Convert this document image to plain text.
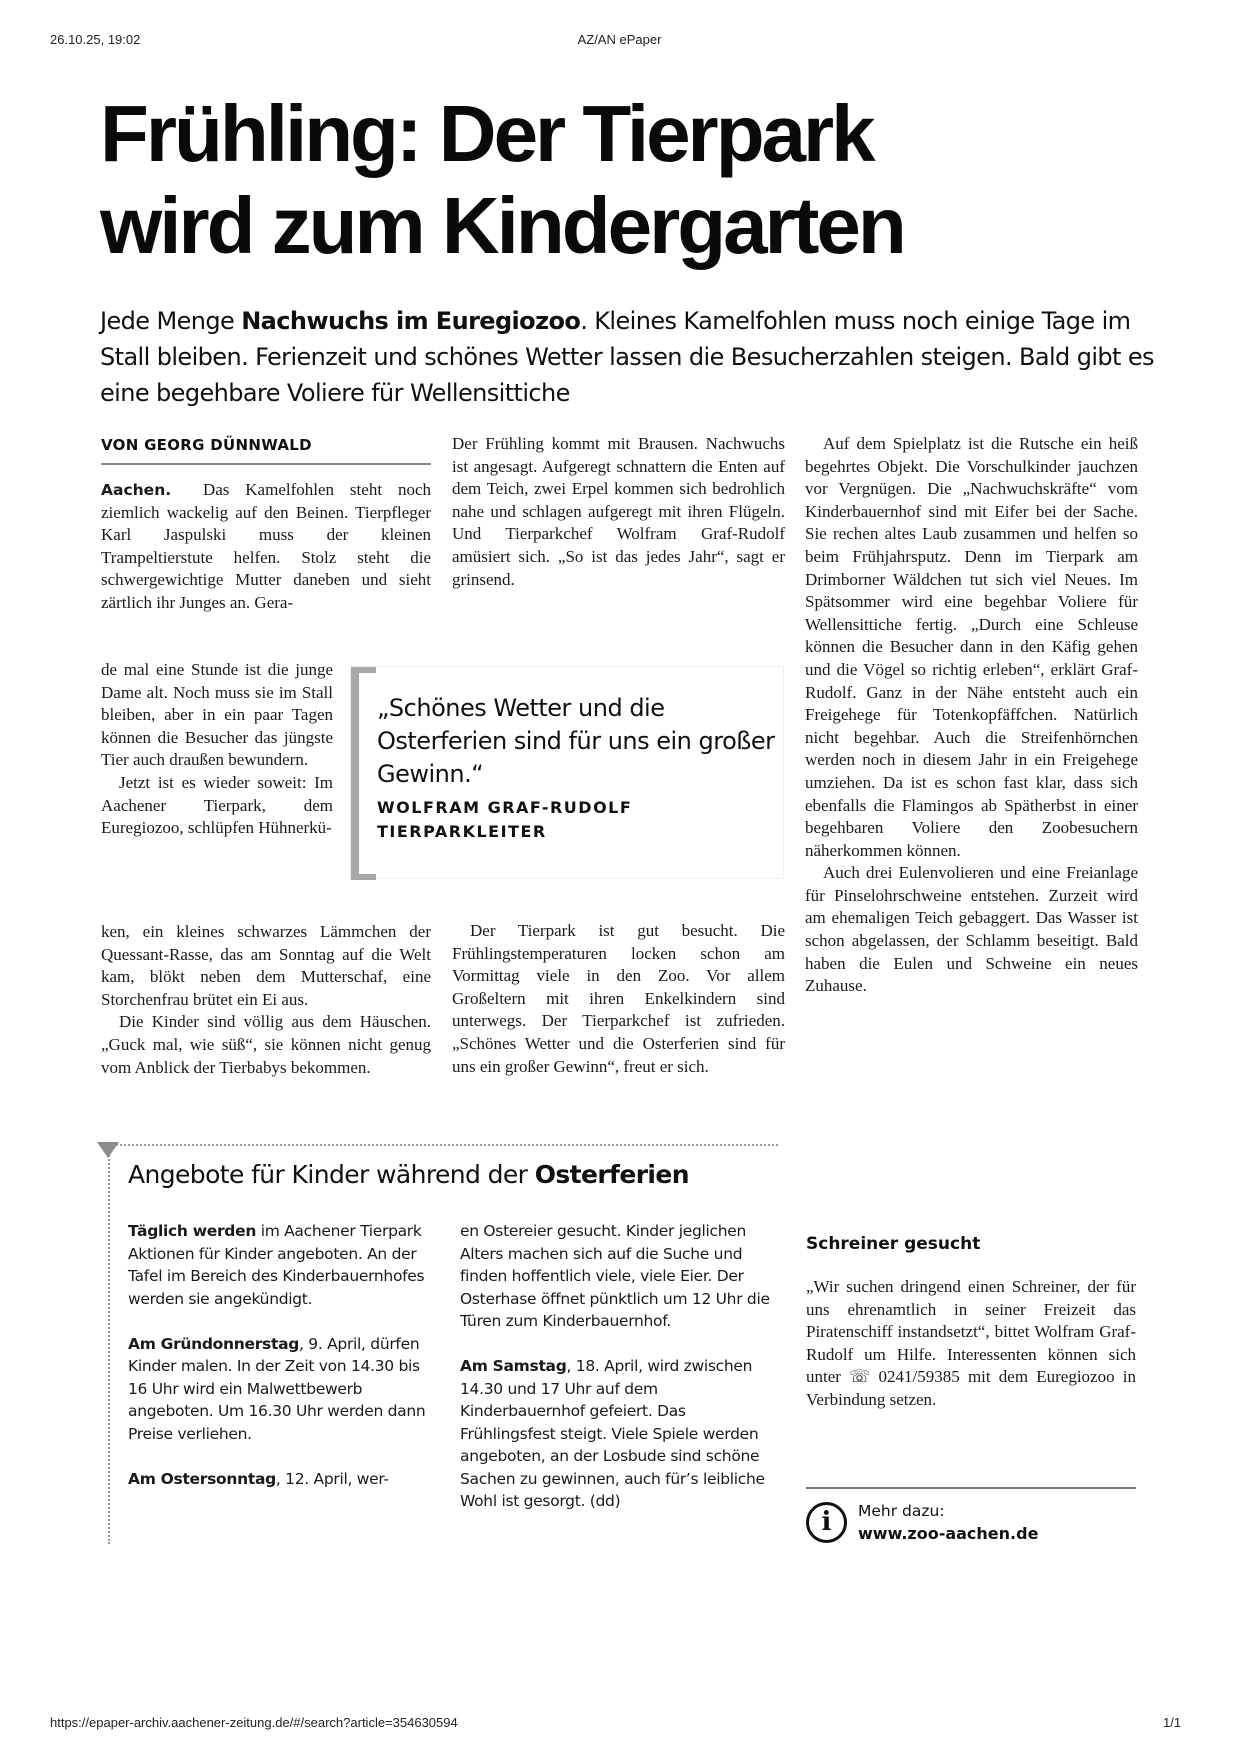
26.10.25, 19:02	AZ/AN ePaper
Frühling: Der Tierpark
wird zum Kindergarten
Jede Menge Nachwuchs im Euregiozoo. Kleines Kamelfohlen muss noch einige Tage im Stall bleiben. Ferienzeit und schönes Wetter lassen die Besucherzahlen steigen. Bald gibt es eine begehbare Voliere für Wellensittiche
VON GEORG DÜNNWALD

Aachen. Das Kamelfohlen steht noch ziemlich wackelig auf den Beinen. Tierpfleger Karl Jaspulski muss der kleinen Trampeltierstute helfen. Stolz steht die schwergewichtige Mutter daneben und sieht zärtlich ihr Junges an. Gera-

de mal eine Stunde ist die junge Dame alt. Noch muss sie im Stall bleiben, aber in ein paar Tagen können die Besucher das jüngste Tier auch draußen bewundern.

Jetzt ist es wieder soweit: Im Aachener Tierpark, dem Euregiozoo, schlüpfen Hühnerkü-

ken, ein kleines schwarzes Lämmchen der Quessant-Rasse, das am Sonntag auf die Welt kam, blökt neben dem Mutterschaf, eine Storchenfrau brütet ein Ei aus.

Die Kinder sind völlig aus dem Häuschen. „Guck mal, wie süß“, sie können nicht genug vom Anblick der Tierbabys bekommen.

Der Frühling kommt mit Brausen. Nachwuchs ist angesagt. Aufgeregt schnattern die Enten auf dem Teich, zwei Erpel kommen sich bedrohlich nahe und schlagen aufgeregt mit ihren Flügeln. Und Tierparkchef Wolfram Graf-Rudolf amüsiert sich. „So ist das jedes Jahr“, sagt er grinsend.

„Schönes Wetter und die Osterferien sind für uns ein großer Gewinn.“
WOLFRAM GRAF-RUDOLF
TIERPARKLEITER

Der Tierpark ist gut besucht. Die Frühlingstemperaturen locken schon am Vormittag viele in den Zoo. Vor allem Großeltern mit ihren Enkelkindern sind unterwegs. Der Tierparkchef ist zufrieden. „Schönes Wetter und die Osterferien sind für uns ein großer Gewinn“, freut er sich.

Auf dem Spielplatz ist die Rutsche ein heiß begehrtes Objekt. Die Vorschulkinder jauchzen vor Vergnügen. Die „Nachwuchskräfte“ vom Kinderbauernhof sind mit Eifer bei der Sache. Sie rechen altes Laub zusammen und helfen so beim Frühjahrsputz. Denn im Tierpark am Drimborner Wäldchen tut sich viel Neues. Im Spätsommer wird eine begehbar Voliere für Wellensittiche fertig. „Durch eine Schleuse können die Besucher dann in den Käfig gehen und die Vögel so richtig erleben“, erklärt Graf-Rudolf. Ganz in der Nähe entsteht auch ein Freigehege für Totenkopfäffchen. Natürlich nicht begehbar. Auch die Streifenhörnchen werden noch in diesem Jahr in ein Freigehege umziehen. Da ist es schon fast klar, dass sich ebenfalls die Flamingos ab Spätherbst in einer begehbaren Voliere den Zoobesuchern näherkommen können.

Auch drei Eulenvolieren und eine Freianlage für Pinselohrschweine entstehen. Zurzeit wird am ehemaligen Teich gebaggert. Das Wasser ist schon abgelassen, der Schlamm beseitigt. Bald haben die Eulen und Schweine ein neues Zuhause.

Angebote für Kinder während der Osterferien

Täglich werden im Aachener Tierpark Aktionen für Kinder angeboten. An der Tafel im Bereich des Kinderbauernhofes werden sie angekündigt.

Am Gründonnerstag, 9. April, dürfen Kinder malen. In der Zeit von 14.30 bis 16 Uhr wird ein Malwettbewerb angeboten. Um 16.30 Uhr werden dann Preise verliehen.

Am Ostersonntag, 12. April, wer-

en Ostereier gesucht. Kinder jeglichen Alters machen sich auf die Suche und finden hoffentlich viele, viele Eier. Der Osterhase öffnet pünktlich um 12 Uhr die Türen zum Kinderbauernhof.

Am Samstag, 18. April, wird zwischen 14.30 und 17 Uhr auf dem Kinderbauernhof gefeiert. Das Frühlingsfest steigt. Viele Spiele werden angeboten, an der Losbude sind schöne Sachen zu gewinnen, auch für’s leibliche Wohl ist gesorgt. (dd)

Schreiner gesucht

„Wir suchen dringend einen Schreiner, der für uns ehrenamtlich in seiner Freizeit das Piratenschiff instandsetzt“, bittet Wolfram Graf-Rudolf um Hilfe. Interessenten können sich unter ☏ 0241/59385 mit dem Euregiozoo in Verbindung setzen.

i	Mehr dazu:
www.zoo-aachen.de
https://epaper-archiv.aachener-zeitung.de/#/search?article=354630594	1/1
